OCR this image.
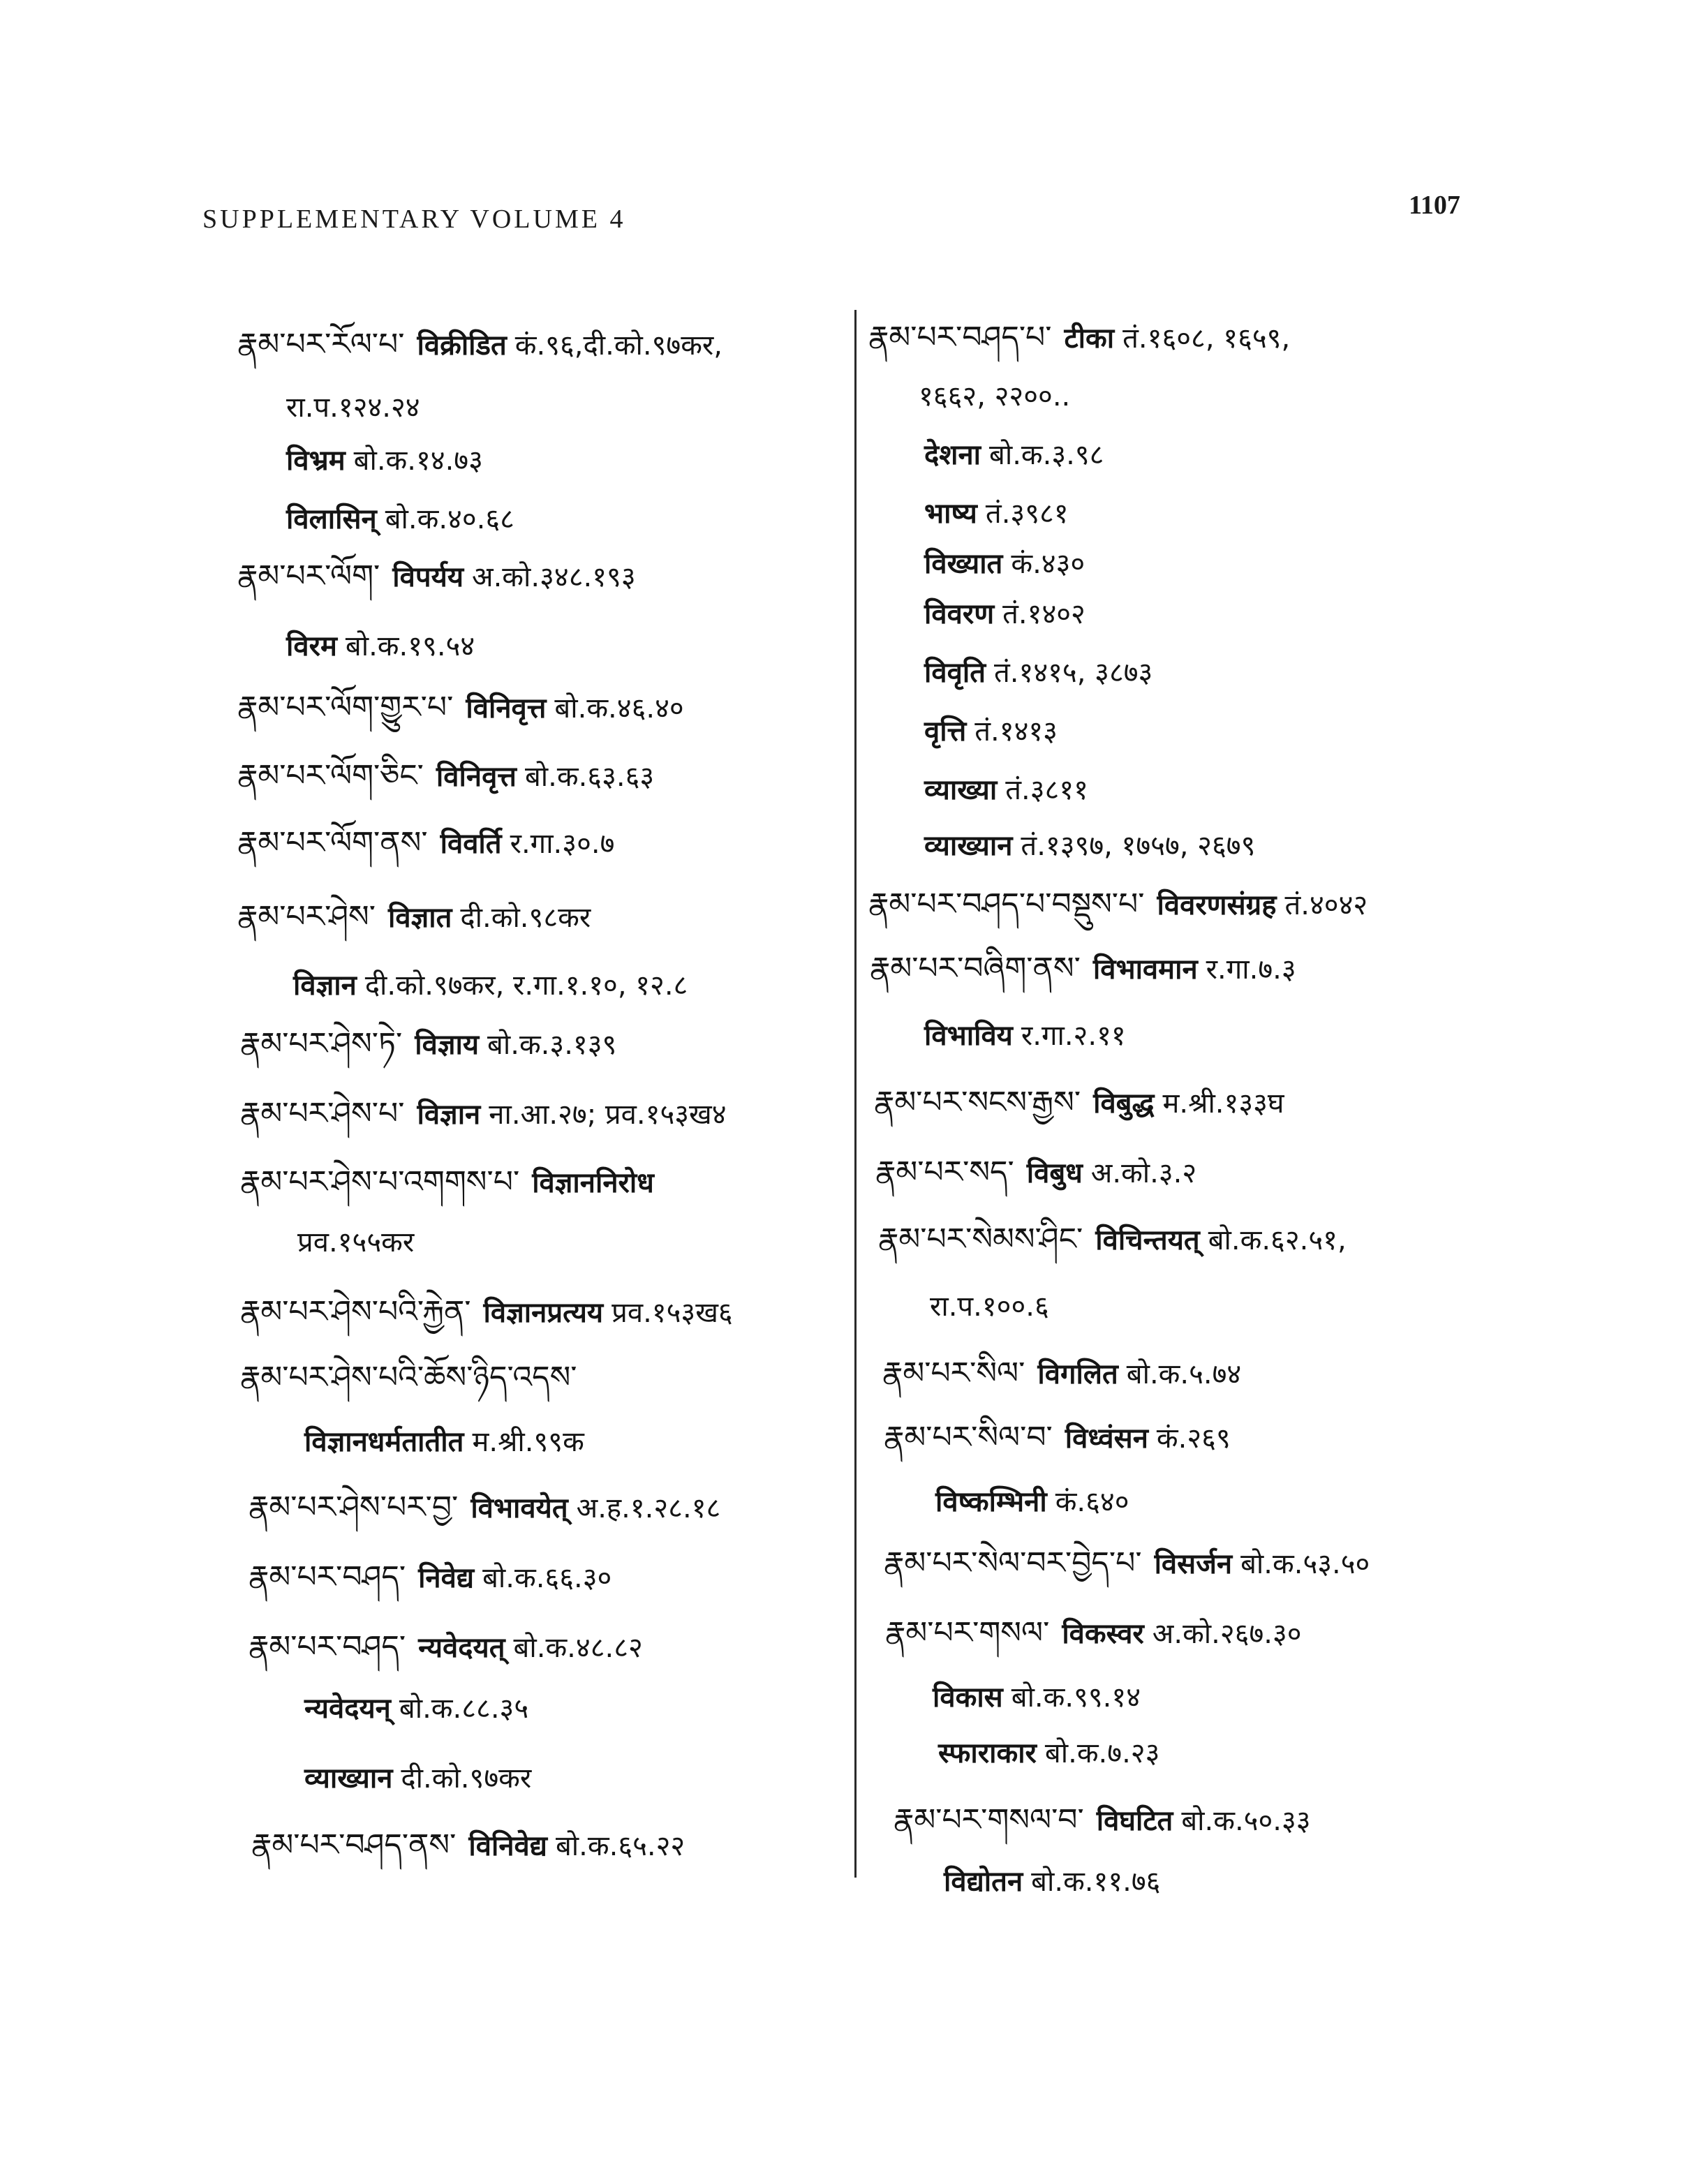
SUPPLEMENTARY VOLUME 4	1107
རྣམ་པར་རོལ་པ་ विक्रीडित कं.९६,दी.को.९७कर,
रा.प.१२४.२४
विभ्रम बो.क.१४.७३
विलासिन् बो.क.४०.६८
རྣམ་པར་ལོག་ विपर्यय अ.को.३४८.१९३
विरम बो.क.१९.५४
རྣམ་པར་ལོག་གྱུར་པ་ विनिवृत्त बो.क.४६.४०
རྣམ་པར་ལོག་ཅིང་ विनिवृत्त बो.क.६३.६३
རྣམ་པར་ལོག་ནས་ विवर्ति र.गा.३०.७
རྣམ་པར་ཤེས་ विज्ञात दी.को.९८कर
विज्ञान दी.को.९७कर, र.गा.१.१०, १२.८
རྣམ་པར་ཤེས་ཏེ་ विज्ञाय बो.क.३.१३९
རྣམ་པར་ཤེས་པ་ विज्ञान ना.आ.२७; प्रव.१५३ख४
རྣམ་པར་ཤེས་པ་འགགས་པ་ विज्ञाननिरोध
प्रव.१५५कर
རྣམ་པར་ཤེས་པའི་རྐྱེན་ विज्ञानप्रत्यय प्रव.१५३ख६
རྣམ་པར་ཤེས་པའི་ཆོས་ཉིད་འདས་
विज्ञानधर्मतातीत म.श्री.९९क
རྣམ་པར་ཤེས་པར་བྱ་ विभावयेत् अ.ह.१.२८.१८
རྣམ་པར་བཤད་ निवेद्य बो.क.६६.३०
རྣམ་པར་བཤད་ न्यवेदयत् बो.क.४८.८२
न्यवेदयन् बो.क.८८.३५
व्याख्यान दी.को.९७कर
རྣམ་པར་བཤད་ནས་ विनिवेद्य बो.क.६५.२२
རྣམ་པར་བཤད་པ་ टीका तं.१६०८, १६५९,
१६६२, २२००..
देशना बो.क.३.९८
भाष्य तं.३९८१
विख्यात कं.४३०
विवरण तं.१४०२
विवृति तं.१४१५, ३८७३
वृत्ति तं.१४१३
व्याख्या तं.३८११
व्याख्यान तं.१३९७, १७५७, २६७९
རྣམ་པར་བཤད་པ་བསྡུས་པ་ विवरणसंग्रह तं.४०४२
རྣམ་པར་བཞིག་ནས་ विभावमान र.गा.७.३
विभाविय र.गा.२.११
རྣམ་པར་སངས་རྒྱས་ विबुद्ध म.श्री.१३३घ
རྣམ་པར་སད་ विबुध अ.को.३.२
རྣམ་པར་སེམས་ཤིང་ विचिन्तयत् बो.क.६२.५१,
रा.प.१००.६
རྣམ་པར་སིལ་ विगलित बो.क.५.७४
རྣམ་པར་སིལ་བ་ विध्वंसन कं.२६९
विष्कम्भिनी कं.६४०
རྣམ་པར་སེལ་བར་བྱེད་པ་ विसर्जन बो.क.५३.५०
རྣམ་པར་གསལ་ विकस्वर अ.को.२६७.३०
विकास बो.क.९९.१४
स्फाराकार बो.क.७.२३
རྣམ་པར་གསལ་བ་ विघटित बो.क.५०.३३
विद्योतन बो.क.११.७६
